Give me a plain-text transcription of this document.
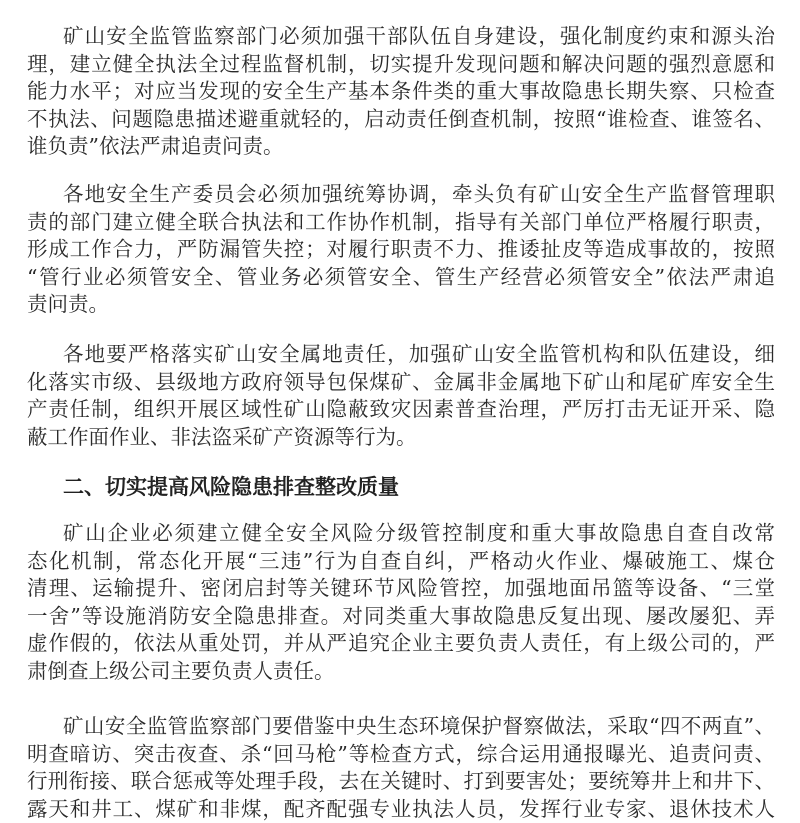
矿山安全监管监察部门必须加强干部队伍自身建设，强化制度约束和源头治
理，建立健全执法全过程监督机制，切实提升发现问题和解决问题的强烈意愿和
能力水平；对应当发现的安全生产基本条件类的重大事故隐患长期失察、只检查
不执法、问题隐患描述避重就轻的，启动责任倒查机制，按照“谁检查、谁签名、
谁负责”依法严肃追责问责。
各地安全生产委员会必须加强统筹协调，牵头负有矿山安全生产监督管理职
责的部门建立健全联合执法和工作协作机制，指导有关部门单位严格履行职责，
形成工作合力，严防漏管失控；对履行职责不力、推诿扯皮等造成事故的，按照
“管行业必须管安全、管业务必须管安全、管生产经营必须管安全”依法严肃追
责问责。
各地要严格落实矿山安全属地责任，加强矿山安全监管机构和队伍建设，细
化落实市级、县级地方政府领导包保煤矿、金属非金属地下矿山和尾矿库安全生
产责任制，组织开展区域性矿山隐蔽致灾因素普查治理，严厉打击无证开采、隐
蔽工作面作业、非法盗采矿产资源等行为。
二、切实提高风险隐患排查整改质量
矿山企业必须建立健全安全风险分级管控制度和重大事故隐患自查自改常
态化机制，常态化开展“三违”行为自查自纠，严格动火作业、爆破施工、煤仓
清理、运输提升、密闭启封等关键环节风险管控，加强地面吊篮等设备、“三堂
一舍”等设施消防安全隐患排查。对同类重大事故隐患反复出现、屡改屡犯、弄
虚作假的，依法从重处罚，并从严追究企业主要负责人责任，有上级公司的，严
肃倒查上级公司主要负责人责任。
矿山安全监管监察部门要借鉴中央生态环境保护督察做法，采取“四不两直”、
明查暗访、突击夜查、杀“回马枪”等检查方式，综合运用通报曝光、追责问责、
行刑衔接、联合惩戒等处理手段，去在关键时、打到要害处；要统筹井上和井下、
露天和井工、煤矿和非煤，配齐配强专业执法人员，发挥行业专家、退休技术人
